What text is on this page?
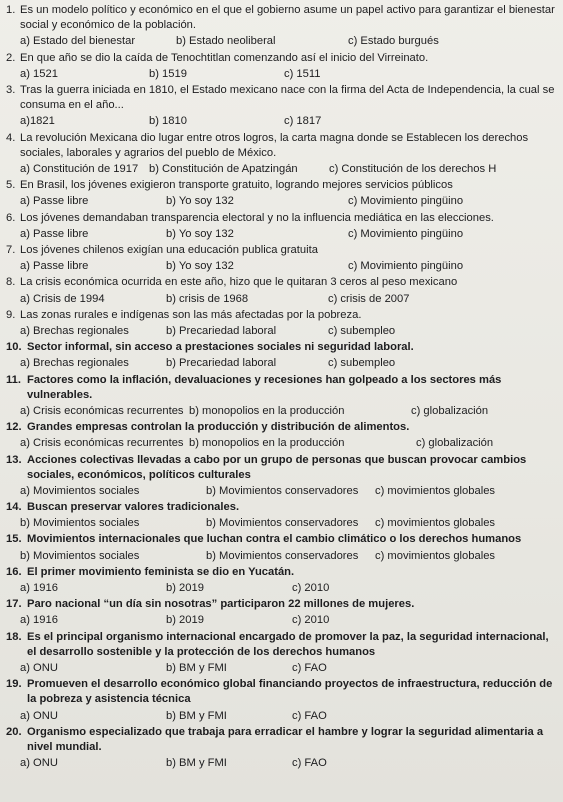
1. Es un modelo político y económico en el que el gobierno asume un papel activo para garantizar el bienestar social y económico de la población.
a) Estado del bienestar	b) Estado neoliberal	c) Estado burgués
2. En que año se dio la caída de Tenochtitlan comenzando así el inicio del Virreinato.
a) 1521	b) 1519	c) 1511
3. Tras la guerra iniciada en 1810, el Estado mexicano nace con la firma del Acta de Independencia, la cual se consuma en el año...
a)1821	b) 1810	c) 1817
4. La revolución Mexicana dio lugar entre otros logros, la carta magna donde se Establecen los derechos sociales, laborales y agrarios del pueblo de México.
a) Constitución de 1917 b) Constitución de Apatzingán	c) Constitución de los derechos H
5. En Brasil, los jóvenes exigieron transporte gratuito, logrando mejores servicios públicos
a) Passe libre	b) Yo soy 132	c) Movimiento pingüino
6. Los jóvenes demandaban transparencia electoral y no la influencia mediática en las elecciones.
a) Passe libre	b) Yo soy 132	c) Movimiento pingüino
7. Los jóvenes chilenos exigían una educación publica gratuita
a) Passe libre	b) Yo soy 132	c) Movimiento pingüino
8. La crisis económica ocurrida en este año, hizo que le quitaran 3 ceros al peso mexicano
a) Crisis de 1994	b) crisis de 1968	c) crisis de 2007
9. Las zonas rurales e indígenas son las más afectadas por la pobreza.
a) Brechas regionales	b) Precariedad laboral	c) subempleo
10. Sector informal, sin acceso a prestaciones sociales ni seguridad laboral.
a) Brechas regionales	b) Precariedad laboral	c) subempleo
11. Factores como la inflación, devaluaciones y recesiones han golpeado a los sectores más vulnerables.
a) Crisis económicas recurrentes b) monopolios en la producción	c) globalización
12. Grandes empresas controlan la producción y distribución de alimentos.
a) Crisis económicas recurrentes b) monopolios en la producción	c) globalización
13. Acciones colectivas llevadas a cabo por un grupo de personas que buscan provocar cambios sociales, económicos, políticos culturales
a) Movimientos sociales	b) Movimientos conservadores c) movimientos globales
14. Buscan preservar valores tradicionales.
b) Movimientos sociales	b) Movimientos conservadores c) movimientos globales
15. Movimientos internacionales que luchan contra el cambio climático o los derechos humanos
b) Movimientos sociales	b) Movimientos conservadores c) movimientos globales
16. El primer movimiento feminista se dio en Yucatán.
a) 1916	b) 2019	c) 2010
17. Paro nacional “un día sin nosotras” participaron 22 millones de mujeres.
a) 1916	b) 2019	c) 2010
18. Es el principal organismo internacional encargado de promover la paz, la seguridad internacional, el desarrollo sostenible y la protección de los derechos humanos
a) ONU	b) BM y FMI	c) FAO
19. Promueven el desarrollo económico global financiando proyectos de infraestructura, reducción de la pobreza y asistencia técnica
a) ONU	b) BM y FMI	c) FAO
20. Organismo especializado que trabaja para erradicar el hambre y lograr la seguridad alimentaria a nivel mundial.
a) ONU	b) BM y FMI	c) FAO
